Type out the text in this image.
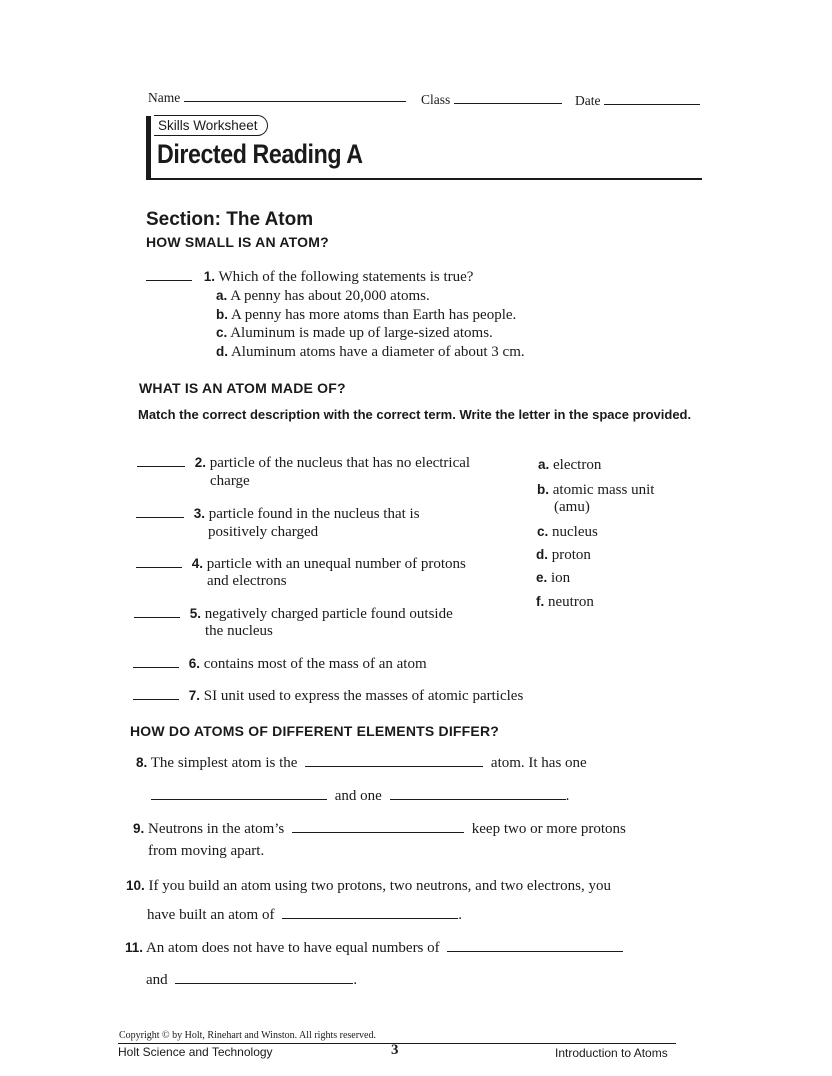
Name	Class	Date
Skills Worksheet
Directed Reading A
Section: The Atom
HOW SMALL IS AN ATOM?
1. Which of the following statements is true?
a. A penny has about 20,000 atoms.
b. A penny has more atoms than Earth has people.
c. Aluminum is made up of large-sized atoms.
d. Aluminum atoms have a diameter of about 3 cm.
WHAT IS AN ATOM MADE OF?
Match the correct description with the correct term. Write the letter in the space provided.
2. particle of the nucleus that has no electrical
charge
3. particle found in the nucleus that is
positively charged
4. particle with an unequal number of protons
and electrons
5. negatively charged particle found outside
the nucleus
6. contains most of the mass of an atom
7. SI unit used to express the masses of atomic particles
a. electron
b. atomic mass unit
(amu)
c. nucleus
d. proton
e. ion
f. neutron
HOW DO ATOMS OF DIFFERENT ELEMENTS DIFFER?
8. The simplest atom is the	atom. It has one
and one	.
9. Neutrons in the atom’s	keep two or more protons
from moving apart.
10. If you build an atom using two protons, two neutrons, and two electrons, you
have built an atom of	.
11. An atom does not have to have equal numbers of
and	.
Copyright © by Holt, Rinehart and Winston. All rights reserved.
Holt Science and Technology	3	Introduction to Atoms
